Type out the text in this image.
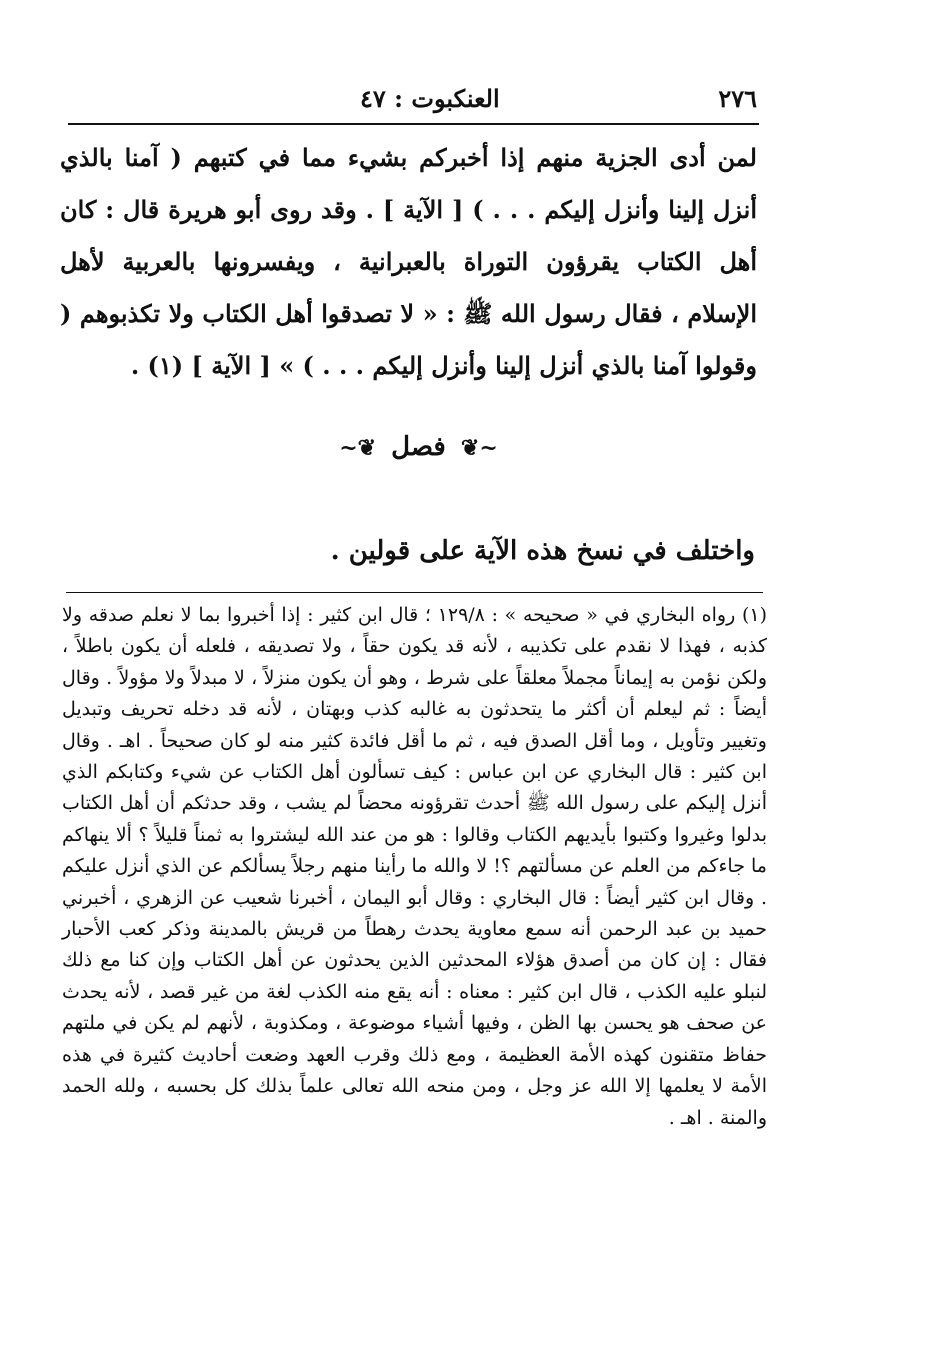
٢٧٦
العنكبوت : ٤٧

لمن أدى الجزية منهم إذا أخبركم بشيء مما في كتبهم ( آمنا بالذي أنزل إلينا وأنزل إليكم . . . ) [ الآية ] . وقد روى أبو هريرة قال : كان أهل الكتاب يقرؤون التوراة بالعبرانية ، ويفسرونها بالعربية لأهل الإسلام ، فقال رسول الله ﷺ : « لا تصدقوا أهل الكتاب ولا تكذبوهم ( وقولوا آمنا بالذي أنزل إلينا وأنزل إليكم . . . ) » [ الآية ] (١) .

~❦ فصل ❦~
واختلف في نسخ هذه الآية على قولين .

(١) رواه البخاري في « صحيحه » : ١٢٩/٨ ؛ قال ابن كثير : إذا أخبروا بما لا نعلم صدقه ولا كذبه ، فهذا لا نقدم على تكذيبه ، لأنه قد يكون حقاً ، ولا تصديقه ، فلعله أن يكون باطلاً ، ولكن نؤمن به إيماناً مجملاً معلقاً على شرط ، وهو أن يكون منزلاً ، لا مبدلاً ولا مؤولاً . وقال أيضاً : ثم ليعلم أن أكثر ما يتحدثون به غالبه كذب وبهتان ، لأنه قد دخله تحريف وتبديل وتغيير وتأويل ، وما أقل الصدق فيه ، ثم ما أقل فائدة كثير منه لو كان صحيحاً . اهـ . وقال ابن كثير : قال البخاري عن ابن عباس : كيف تسألون أهل الكتاب عن شيء وكتابكم الذي أنزل إليكم على رسول الله ﷺ أحدث تقرؤونه محضاً لم يشب ، وقد حدثكم أن أهل الكتاب بدلوا وغيروا وكتبوا بأيديهم الكتاب وقالوا : هو من عند الله ليشتروا به ثمناً قليلاً ؟ ألا ينهاكم ما جاءكم من العلم عن مسألتهم ؟! لا والله ما رأينا منهم رجلاً يسألكم عن الذي أنزل عليكم . وقال ابن كثير أيضاً : قال البخاري : وقال أبو اليمان ، أخبرنا شعيب عن الزهري ، أخبرني حميد بن عبد الرحمن أنه سمع معاوية يحدث رهطاً من قريش بالمدينة وذكر كعب الأحبار فقال : إن كان من أصدق هؤلاء المحدثين الذين يحدثون عن أهل الكتاب وإن كنا مع ذلك لنبلو عليه الكذب ، قال ابن كثير : معناه : أنه يقع منه الكذب لغة من غير قصد ، لأنه يحدث عن صحف هو يحسن بها الظن ، وفيها أشياء موضوعة ، ومكذوبة ، لأنهم لم يكن في ملتهم حفاظ متقنون كهذه الأمة العظيمة ، ومع ذلك وقرب العهد وضعت أحاديث كثيرة في هذه الأمة لا يعلمها إلا الله عز وجل ، ومن منحه الله تعالى علماً بذلك كل بحسبه ، ولله الحمد والمنة . اهـ .
